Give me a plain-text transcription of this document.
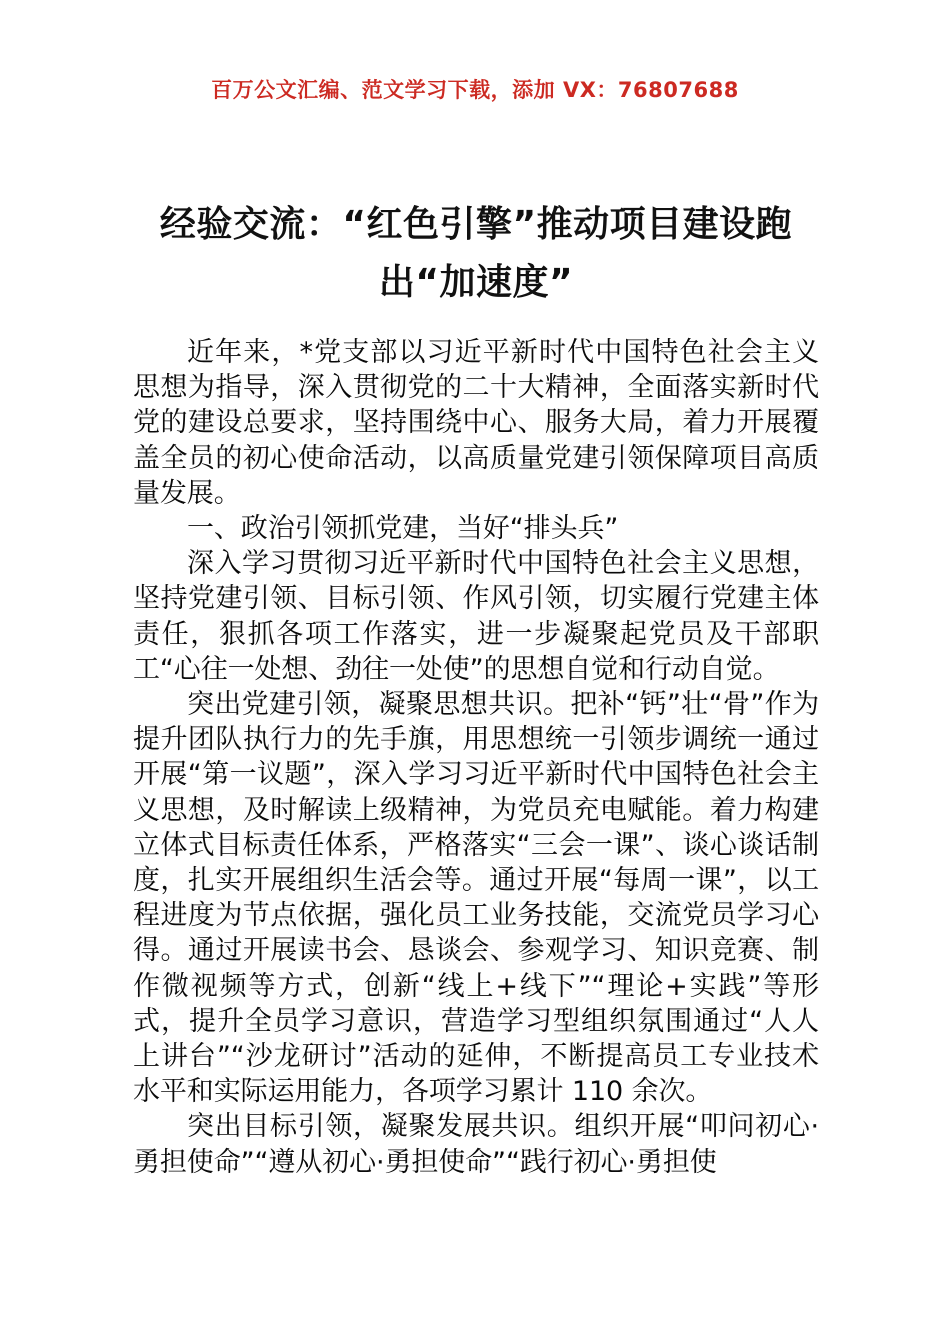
百万公文汇编、范文学习下载，添加 VX：76807688
经验交流：“红色引擎”推动项目建设跑出“加速度”

近年来，*党支部以习近平新时代中国特色社会主义思想为指导，深入贯彻党的二十大精神，全面落实新时代党的建设总要求，坚持围绕中心、服务大局，着力开展覆盖全员的初心使命活动，以高质量党建引领保障项目高质量发展。

一、政治引领抓党建，当好“排头兵”

深入学习贯彻习近平新时代中国特色社会主义思想，坚持党建引领、目标引领、作风引领，切实履行党建主体责任，狠抓各项工作落实，进一步凝聚起党员及干部职工“心往一处想、劲往一处使”的思想自觉和行动自觉。

突出党建引领，凝聚思想共识。把补“钙”壮“骨”作为提升团队执行力的先手旗，用思想统一引领步调统一通过开展“第一议题”，深入学习习近平新时代中国特色社会主义思想，及时解读上级精神，为党员充电赋能。着力构建立体式目标责任体系，严格落实“三会一课”、谈心谈话制度，扎实开展组织生活会等。通过开展“每周一课”，以工程进度为节点依据，强化员工业务技能，交流党员学习心得。通过开展读书会、恳谈会、参观学习、知识竞赛、制作微视频等方式，创新“线上+线下”“理论+实践”等形式，提升全员学习意识，营造学习型组织氛围通过“人人上讲台”“沙龙研讨”活动的延伸，不断提高员工专业技术水平和实际运用能力，各项学习累计 110 余次。

突出目标引领，凝聚发展共识。组织开展“叩问初心·勇担使命”“遵从初心·勇担使命”“践行初心·勇担使
